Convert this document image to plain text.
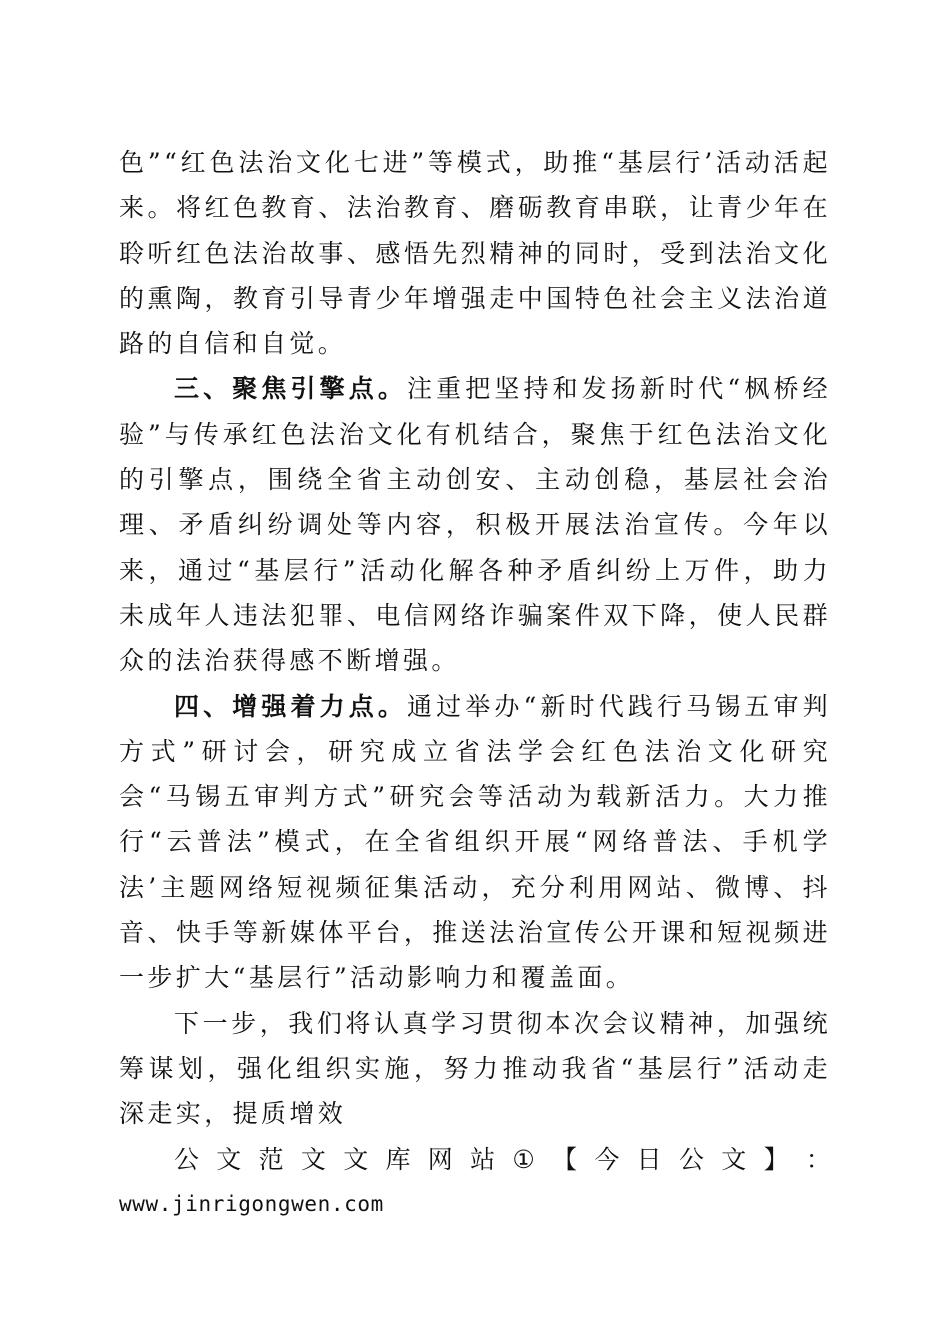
色”“红色法治文化七进”等模式，助推“基层行’活动活起来。将红色教育、法治教育、磨砺教育串联，让青少年在聆听红色法治故事、感悟先烈精神的同时，受到法治文化的熏陶，教育引导青少年增强走中国特色社会主义法治道路的自信和自觉。

三、聚焦引擎点。注重把坚持和发扬新时代“枫桥经验”与传承红色法治文化有机结合，聚焦于红色法治文化的引擎点，围绕全省主动创安、主动创稳，基层社会治理、矛盾纠纷调处等内容，积极开展法治宣传。今年以来，通过“基层行”活动化解各种矛盾纠纷上万件，助力未成年人违法犯罪、电信网络诈骗案件双下降，使人民群众的法治获得感不断增强。

四、增强着力点。通过举办“新时代践行马锡五审判方式”研讨会，研究成立省法学会红色法治文化研究会“马锡五审判方式”研究会等活动为载新活力。大力推行“云普法”模式，在全省组织开展“网络普法、手机学法’主题网络短视频征集活动，充分利用网站、微博、抖音、快手等新媒体平台，推送法治宣传公开课和短视频进一步扩大“基层行”活动影响力和覆盖面。

下一步，我们将认真学习贯彻本次会议精神，加强统筹谋划，强化组织实施，努力推动我省“基层行”活动走深走实，提质增效

公 文 范 文 文 库 网 站 ① 【 今 日 公 文 】 ：

www.jinrigongwen.com
